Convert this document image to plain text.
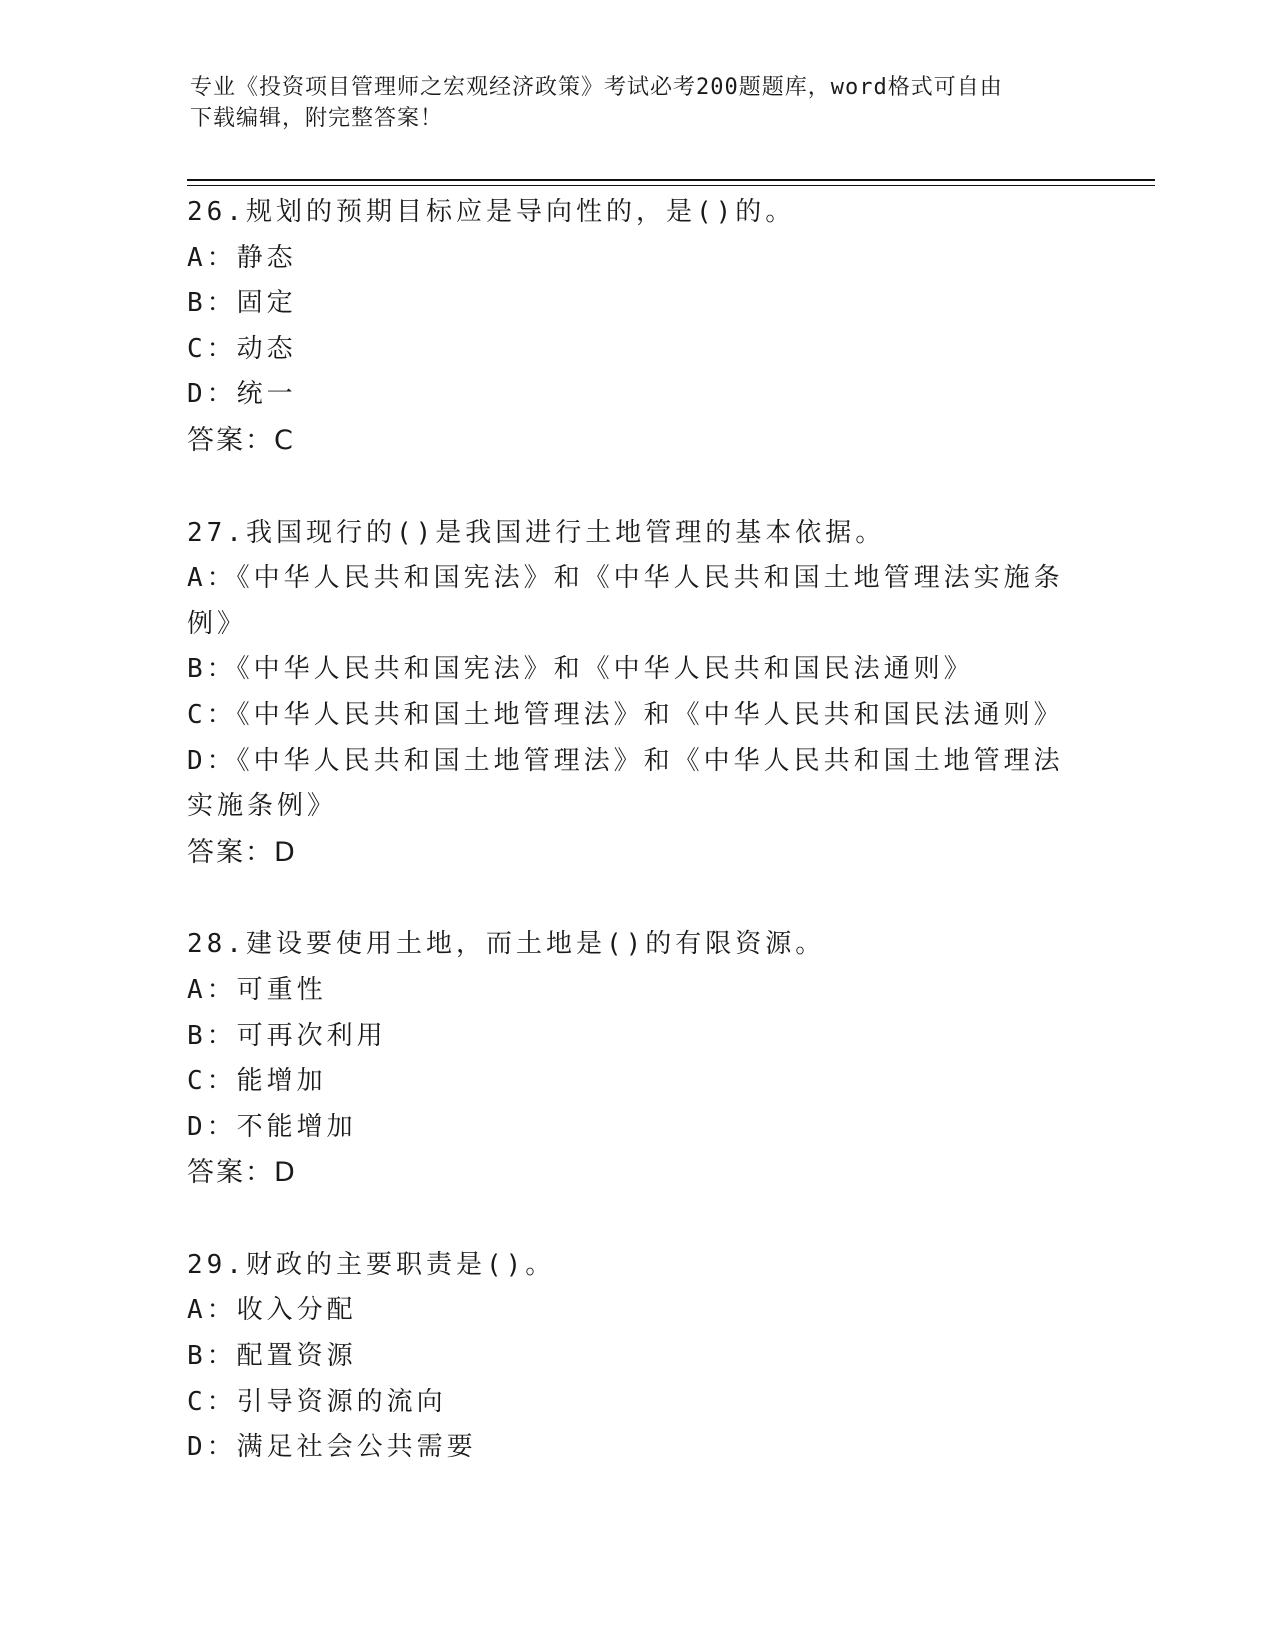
专业《投资项目管理师之宏观经济政策》考试必考200题题库，word格式可自由
下载编辑，附完整答案！
26.规划的预期目标应是导向性的，是()的。
A：静态
B：固定
C：动态
D：统一
答案：C
27.我国现行的()是我国进行土地管理的基本依据。
A：《中华人民共和国宪法》和《中华人民共和国土地管理法实施条例》
B：《中华人民共和国宪法》和《中华人民共和国民法通则》
C：《中华人民共和国土地管理法》和《中华人民共和国民法通则》
D：《中华人民共和国土地管理法》和《中华人民共和国土地管理法实施条例》
答案：D
28.建设要使用土地，而土地是()的有限资源。
A：可重性
B：可再次利用
C：能增加
D：不能增加
答案：D
29.财政的主要职责是()。
A：收入分配
B：配置资源
C：引导资源的流向
D：满足社会公共需要
